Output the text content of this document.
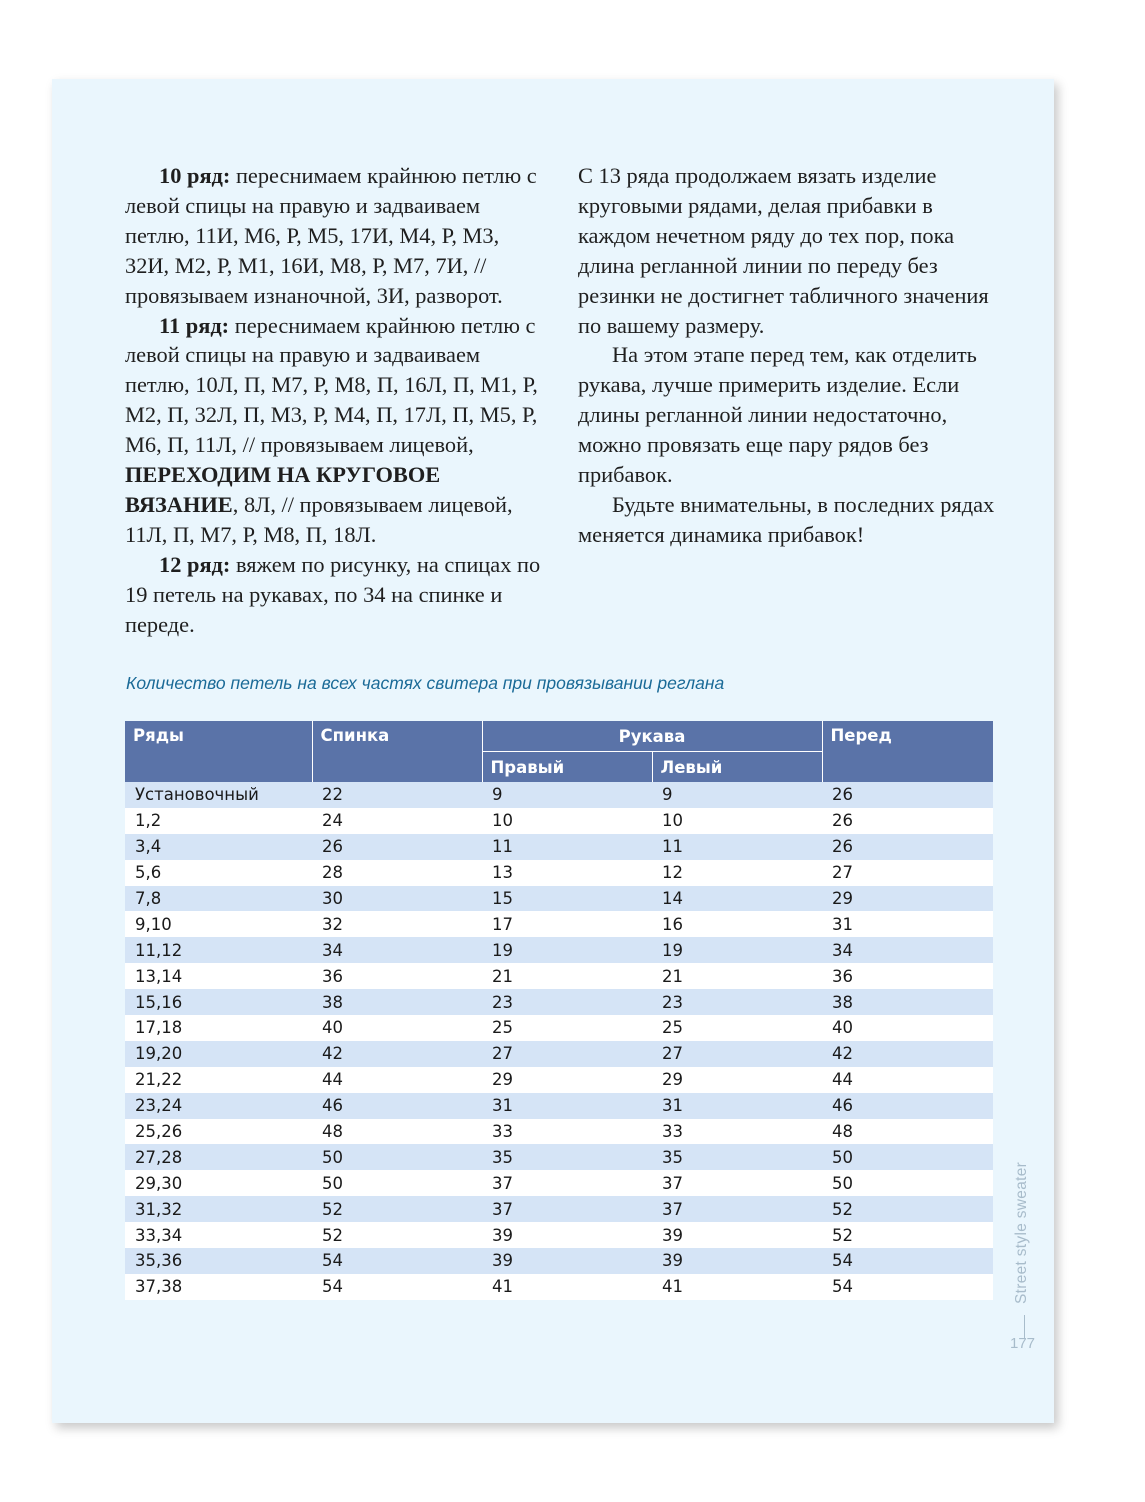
10 ряд: переснимаем крайнюю петлю с левой спицы на правую и задваиваем петлю, 11И, М6, Р, М5, 17И, М4, Р, М3, 32И, М2, Р, М1, 16И, М8, Р, М7, 7И, // провязываем изнаночной, 3И, разворот.

11 ряд: переснимаем крайнюю петлю с левой спицы на правую и задваиваем петлю, 10Л, П, М7, Р, М8, П, 16Л, П, М1, Р, М2, П, 32Л, П, М3, Р, М4, П, 17Л, П, М5, Р, М6, П, 11Л, // провязываем лицевой, ПЕРЕХОДИМ НА КРУГОВОЕ ВЯЗАНИЕ, 8Л, // провязываем лицевой, 11Л, П, М7, Р, М8, П, 18Л.

12 ряд: вяжем по рисунку, на спицах по 19 петель на рукавах, по 34 на спинке и переде.

С 13 ряда продолжаем вязать изделие круговыми рядами, делая прибавки в каждом нечетном ряду до тех пор, пока длина регланной линии по переду без резинки не достигнет табличного значения по вашему размеру.

На этом этапе перед тем, как отделить рукава, лучше примерить изделие. Если длины регланной линии недостаточно, можно провязать еще пару рядов без прибавок.

Будьте внимательны, в последних рядах меняется динамика прибавок!

Количество петель на всех частях свитера при провязывании реглана
Ряды	Спинка	Рукава		Перед
		Правый	Левый	
Установочный	22	9	9	26
1,2	24	10	10	26
3,4	26	11	11	26
5,6	28	13	12	27
7,8	30	15	14	29
9,10	32	17	16	31
11,12	34	19	19	34
13,14	36	21	21	36
15,16	38	23	23	38
17,18	40	25	25	40
19,20	42	27	27	42
21,22	44	29	29	44
23,24	46	31	31	46
25,26	48	33	33	48
27,28	50	35	35	50
29,30	50	37	37	50
31,32	52	37	37	52
33,34	52	39	39	52
35,36	54	39	39	54
37,38	54	41	41	54	Street style sweater
177
